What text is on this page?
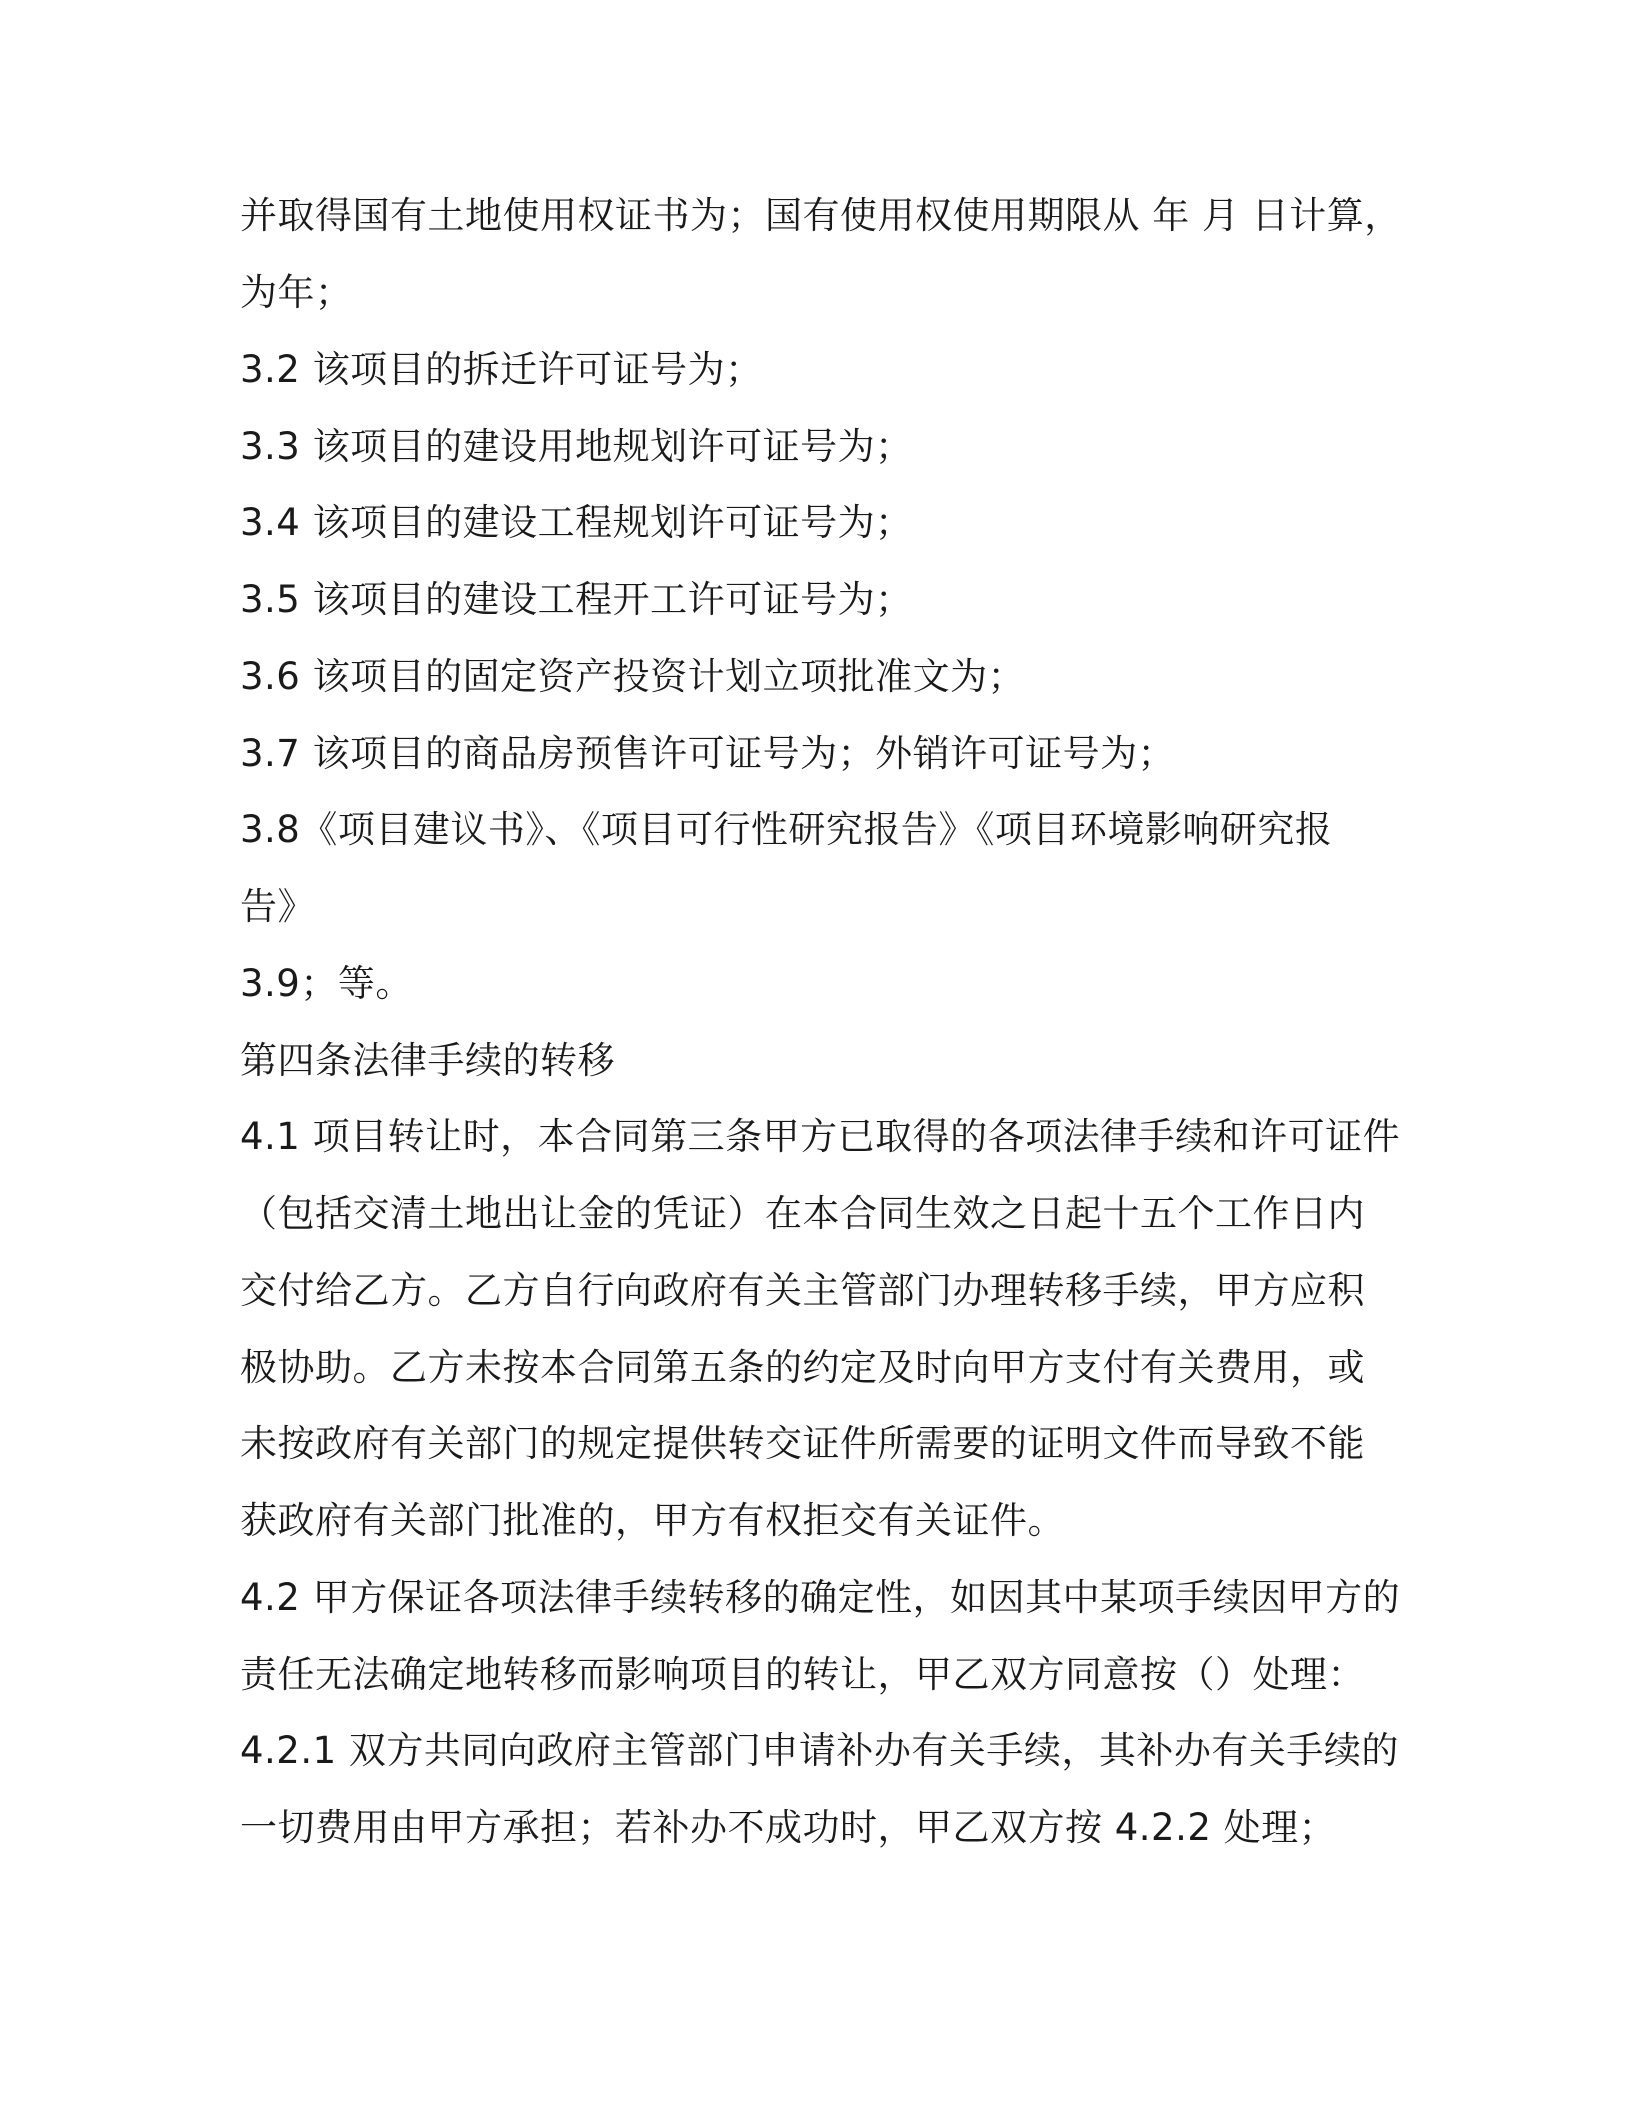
并取得国有土地使用权证书为；国有使用权使用期限从 年 月 日计算，
为年；
3.2 该项目的拆迁许可证号为；
3.3 该项目的建设用地规划许可证号为；
3.4 该项目的建设工程规划许可证号为；
3.5 该项目的建设工程开工许可证号为；
3.6 该项目的固定资产投资计划立项批准文为；
3.7 该项目的商品房预售许可证号为；外销许可证号为；
3.8《项目建议书》、《项目可行性研究报告》《项目环境影响研究报
告》
3.9；等。
第四条法律手续的转移
4.1 项目转让时，本合同第三条甲方已取得的各项法律手续和许可证件
（包括交清土地出让金的凭证）在本合同生效之日起十五个工作日内
交付给乙方。乙方自行向政府有关主管部门办理转移手续，甲方应积
极协助。乙方未按本合同第五条的约定及时向甲方支付有关费用，或
未按政府有关部门的规定提供转交证件所需要的证明文件而导致不能
获政府有关部门批准的，甲方有权拒交有关证件。
4.2 甲方保证各项法律手续转移的确定性，如因其中某项手续因甲方的
责任无法确定地转移而影响项目的转让，甲乙双方同意按（）处理：
4.2.1 双方共同向政府主管部门申请补办有关手续，其补办有关手续的
一切费用由甲方承担；若补办不成功时，甲乙双方按 4.2.2 处理；
